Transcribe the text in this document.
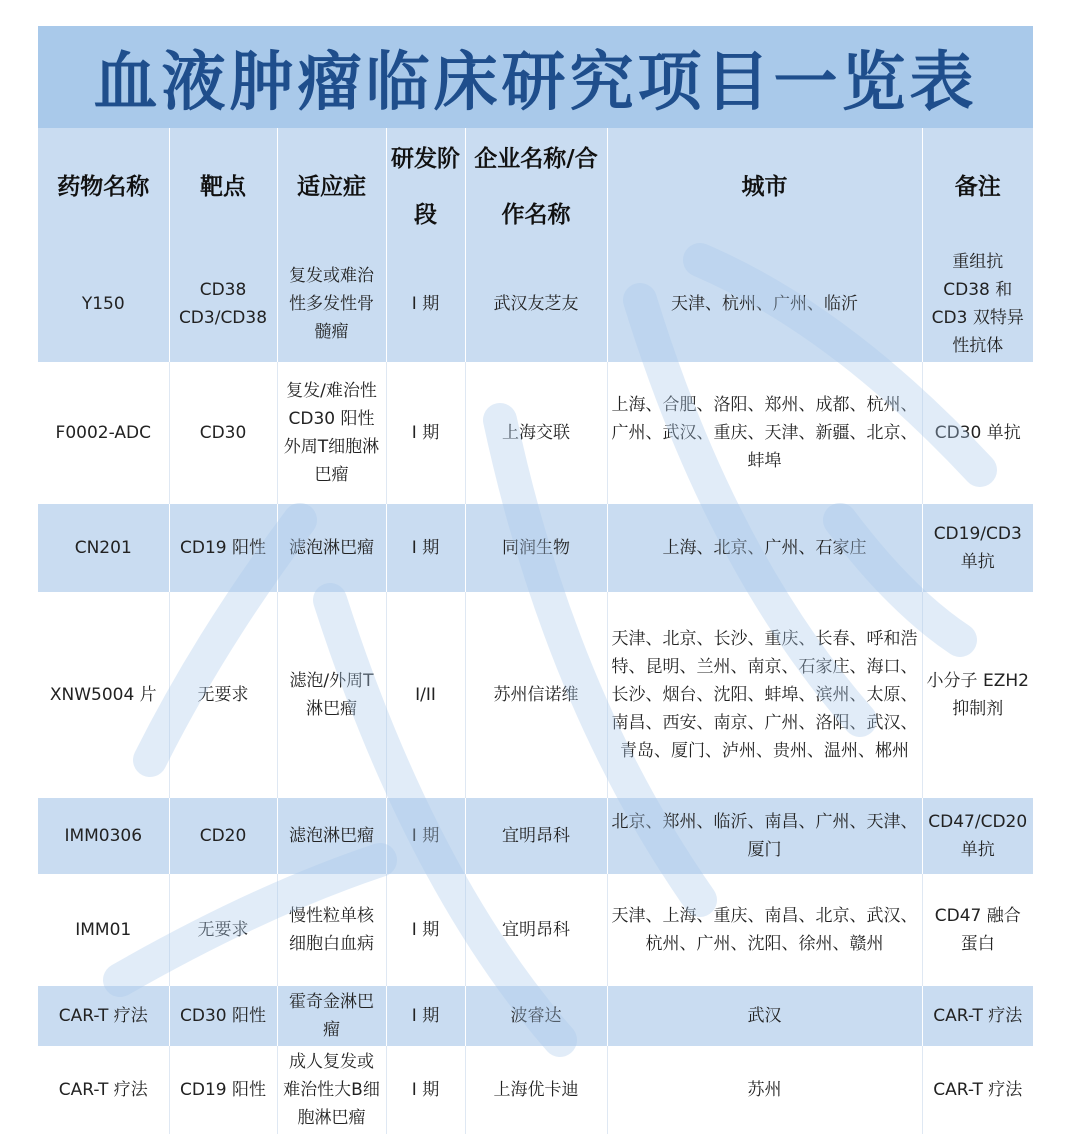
血液肿瘤临床研究项目一览表
药物名称	靶点	适应症	研发阶段	企业名称/合作名称	城市	备注
Y150	CD38 CD3/CD38	复发或难治性多发性骨髓瘤	I 期	武汉友芝友	天津、杭州、广州、临沂	重组抗 CD38 和 CD3 双特异性抗体
F0002-ADC	CD30	复发/难治性CD30 阳性外周T细胞淋巴瘤	I 期	上海交联	上海、合肥、洛阳、郑州、成都、杭州、广州、武汉、重庆、天津、新疆、北京、蚌埠	CD30 单抗
CN201	CD19 阳性	滤泡淋巴瘤	I 期	同润生物	上海、北京、广州、石家庄	CD19/CD3 单抗
XNW5004 片	无要求	滤泡/外周T淋巴瘤	I/II	苏州信诺维	天津、北京、长沙、重庆、长春、呼和浩特、昆明、兰州、南京、石家庄、海口、长沙、烟台、沈阳、蚌埠、滨州、太原、南昌、西安、南京、广州、洛阳、武汉、青岛、厦门、泸州、贵州、温州、郴州	小分子 EZH2 抑制剂
IMM0306	CD20	滤泡淋巴瘤	I 期	宜明昂科	北京、郑州、临沂、南昌、广州、天津、厦门	CD47/CD20 单抗
IMM01	无要求	慢性粒单核细胞白血病	I 期	宜明昂科	天津、上海、重庆、南昌、北京、武汉、杭州、广州、沈阳、徐州、赣州	CD47 融合蛋白
CAR-T 疗法	CD30 阳性	霍奇金淋巴瘤	I 期	波睿达	武汉	CAR-T 疗法
CAR-T 疗法	CD19 阳性	成人复发或难治性大B细胞淋巴瘤	I 期	上海优卡迪	苏州	CAR-T 疗法
